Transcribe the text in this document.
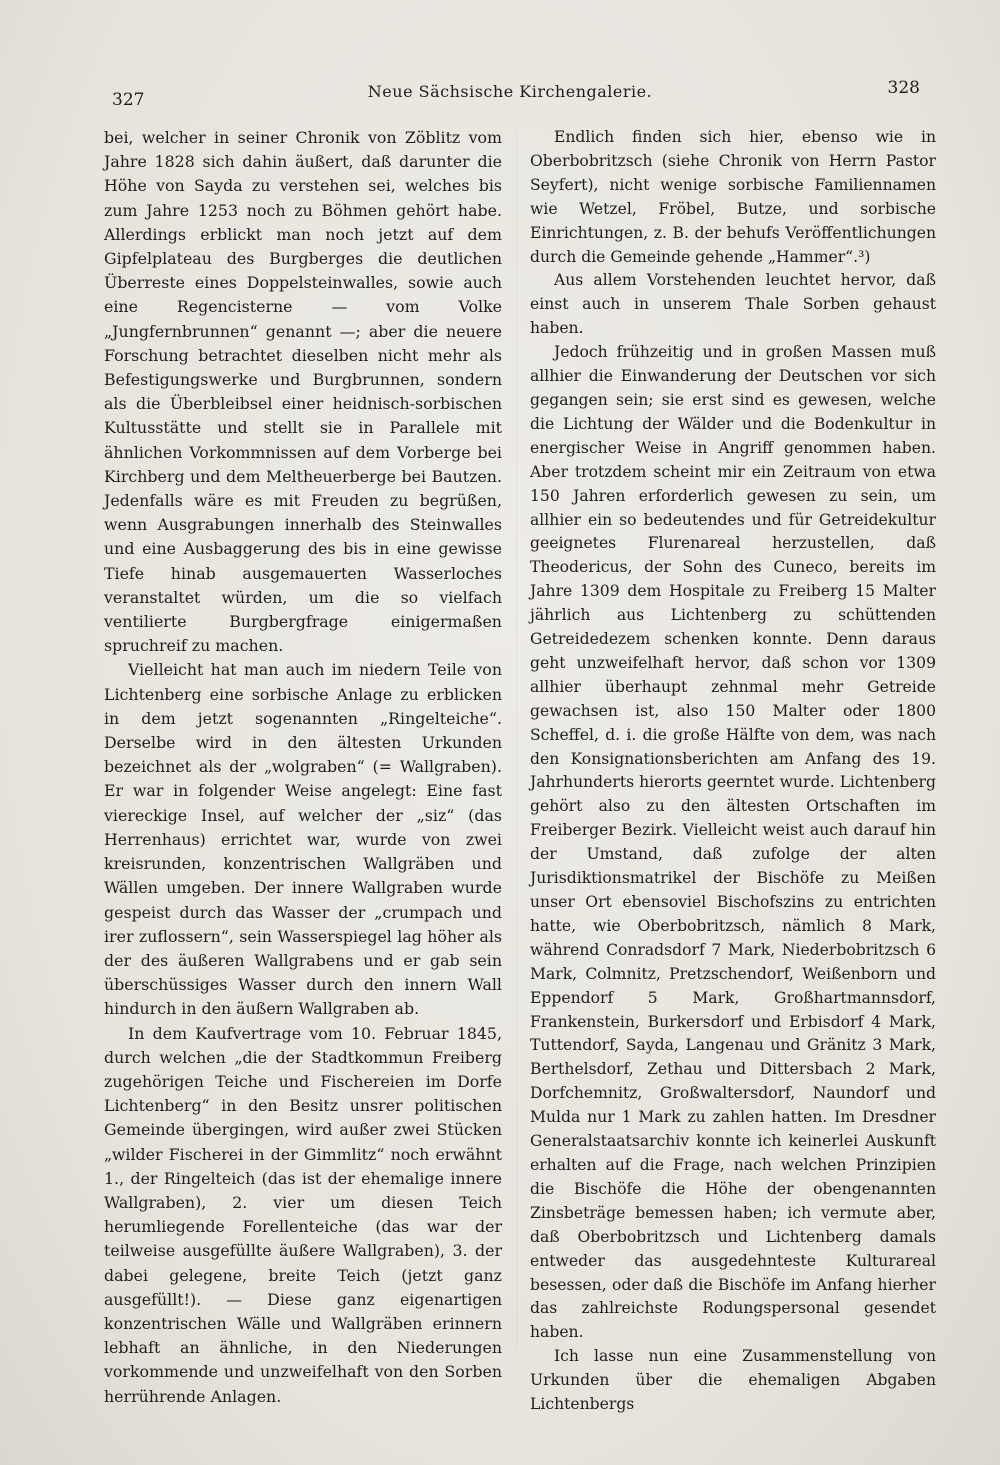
327	Neue Sächsische Kirchengalerie.	328

bei, welcher in seiner Chronik von Zöblitz vom Jahre 1828 sich dahin äußert, daß darunter die Höhe von Sayda zu verstehen sei, welches bis zum Jahre 1253 noch zu Böhmen gehört habe. Allerdings erblickt man noch jetzt auf dem Gipfelplateau des Burgberges die deutlichen Überreste eines Doppelsteinwalles, sowie auch eine Regencisterne — vom Volke „Jungfernbrunnen“ genannt —; aber die neuere Forschung betrachtet dieselben nicht mehr als Befestigungswerke und Burgbrunnen, sondern als die Überbleibsel einer heidnisch-sorbischen Kultusstätte und stellt sie in Parallele mit ähnlichen Vorkommnissen auf dem Vorberge bei Kirchberg und dem Meltheuerberge bei Bautzen. Jedenfalls wäre es mit Freuden zu begrüßen, wenn Ausgrabungen innerhalb des Steinwalles und eine Ausbaggerung des bis in eine gewisse Tiefe hinab ausgemauerten Wasserloches veranstaltet würden, um die so vielfach ventilierte Burgbergfrage einigermaßen spruchreif zu machen.

Vielleicht hat man auch im niedern Teile von Lichtenberg eine sorbische Anlage zu erblicken in dem jetzt sogenannten „Ringelteiche“. Derselbe wird in den ältesten Urkunden bezeichnet als der „wolgraben“ (= Wallgraben). Er war in folgender Weise angelegt: Eine fast viereckige Insel, auf welcher der „siz“ (das Herrenhaus) errichtet war, wurde von zwei kreisrunden, konzentrischen Wallgräben und Wällen umgeben. Der innere Wallgraben wurde gespeist durch das Wasser der „crumpach und irer zuflossern“, sein Wasserspiegel lag höher als der des äußeren Wallgrabens und er gab sein überschüssiges Wasser durch den innern Wall hindurch in den äußern Wallgraben ab.

In dem Kaufvertrage vom 10. Februar 1845, durch welchen „die der Stadtkommun Freiberg zugehörigen Teiche und Fischereien im Dorfe Lichtenberg“ in den Besitz unsrer politischen Gemeinde übergingen, wird außer zwei Stücken „wilder Fischerei in der Gimmlitz“ noch erwähnt 1., der Ringelteich (das ist der ehemalige innere Wallgraben), 2. vier um diesen Teich herumliegende Forellenteiche (das war der teilweise ausgefüllte äußere Wallgraben), 3. der dabei gelegene, breite Teich (jetzt ganz ausgefüllt!). — Diese ganz eigenartigen konzentrischen Wälle und Wallgräben erinnern lebhaft an ähnliche, in den Niederungen vorkommende und unzweifelhaft von den Sorben herrührende Anlagen.

Endlich finden sich hier, ebenso wie in Oberbobritzsch (siehe Chronik von Herrn Pastor Seyfert), nicht wenige sorbische Familiennamen wie Wetzel, Fröbel, Butze, und sorbische Einrichtungen, z. B. der behufs Veröffentlichungen durch die Gemeinde gehende „Hammer“.³)

Aus allem Vorstehenden leuchtet hervor, daß einst auch in unserem Thale Sorben gehaust haben.

Jedoch frühzeitig und in großen Massen muß allhier die Einwanderung der Deutschen vor sich gegangen sein; sie erst sind es gewesen, welche die Lichtung der Wälder und die Bodenkultur in energischer Weise in Angriff genommen haben. Aber trotzdem scheint mir ein Zeitraum von etwa 150 Jahren erforderlich gewesen zu sein, um allhier ein so bedeutendes und für Getreidekultur geeignetes Flurenareal herzustellen, daß Theodericus, der Sohn des Cuneco, bereits im Jahre 1309 dem Hospitale zu Freiberg 15 Malter jährlich aus Lichtenberg zu schüttenden Getreidedezem schenken konnte. Denn daraus geht unzweifelhaft hervor, daß schon vor 1309 allhier überhaupt zehnmal mehr Getreide gewachsen ist, also 150 Malter oder 1800 Scheffel, d. i. die große Hälfte von dem, was nach den Konsignationsberichten am Anfang des 19. Jahrhunderts hierorts geerntet wurde. Lichtenberg gehört also zu den ältesten Ortschaften im Freiberger Bezirk. Vielleicht weist auch darauf hin der Umstand, daß zufolge der alten Jurisdiktionsmatrikel der Bischöfe zu Meißen unser Ort ebensoviel Bischofszins zu entrichten hatte, wie Oberbobritzsch, nämlich 8 Mark, während Conradsdorf 7 Mark, Niederbobritzsch 6 Mark, Colmnitz, Pretzschendorf, Weißenborn und Eppendorf 5 Mark, Großhartmannsdorf, Frankenstein, Burkersdorf und Erbisdorf 4 Mark, Tuttendorf, Sayda, Langenau und Gränitz 3 Mark, Berthelsdorf, Zethau und Dittersbach 2 Mark, Dorfchemnitz, Großwaltersdorf, Naundorf und Mulda nur 1 Mark zu zahlen hatten. Im Dresdner Generalstaatsarchiv konnte ich keinerlei Auskunft erhalten auf die Frage, nach welchen Prinzipien die Bischöfe die Höhe der obengenannten Zinsbeträge bemessen haben; ich vermute aber, daß Oberbobritzsch und Lichtenberg damals entweder das ausgedehnteste Kulturareal besessen, oder daß die Bischöfe im Anfang hierher das zahlreichste Rodungspersonal gesendet haben.

Ich lasse nun eine Zusammenstellung von Urkunden über die ehemaligen Abgaben Lichtenbergs
